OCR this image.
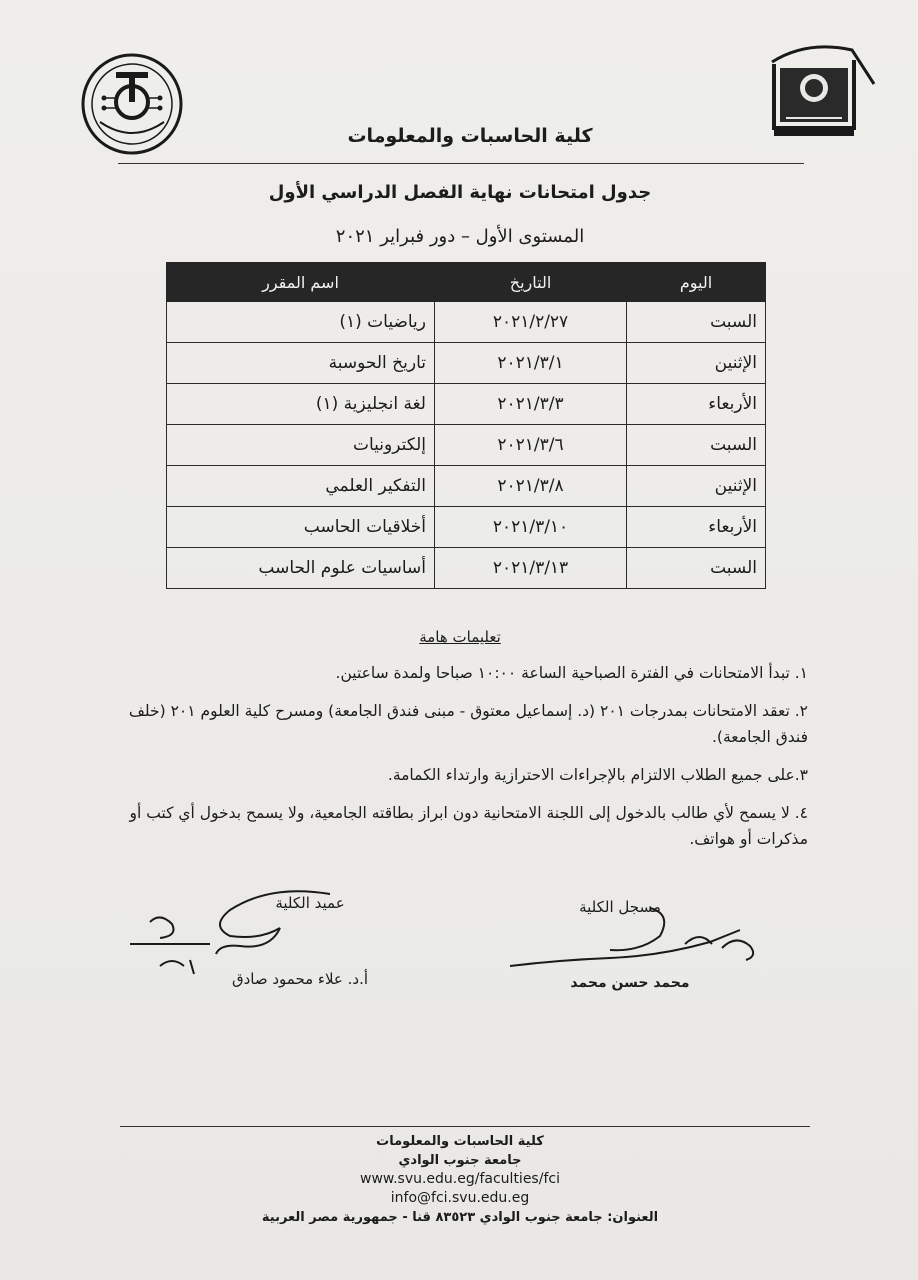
كلية الحاسبات والمعلومات
جدول امتحانات نهاية الفصل الدراسي الأول
المستوى الأول – دور فبراير ٢٠٢١
اليوم	التاريخ	اسم المقرر
السبت	٢٠٢١/٢/٢٧	رياضيات (١)
الإثنين	٢٠٢١/٣/١	تاريخ الحوسبة
الأربعاء	٢٠٢١/٣/٣	لغة انجليزية (١)
السبت	٢٠٢١/٣/٦	إلكترونيات
الإثنين	٢٠٢١/٣/٨	التفكير العلمي
الأربعاء	٢٠٢١/٣/١٠	أخلاقيات الحاسب
السبت	٢٠٢١/٣/١٣	أساسيات علوم الحاسب
تعليمات هامة
١. تبدأ الامتحانات في الفترة الصباحية الساعة ١٠:٠٠ صباحا ولمدة ساعتين.
٢. تعقد الامتحانات بمدرجات ٢٠١ (د. إسماعيل معتوق - مبنى فندق الجامعة) ومسرح كلية العلوم ٢٠١ (خلف فندق الجامعة).
٣.على جميع الطلاب الالتزام بالإجراءات الاحترازية وارتداء الكمامة.
٤. لا يسمح لأي طالب بالدخول إلى اللجنة الامتحانية دون ابراز بطاقته الجامعية، ولا يسمح بدخول أي كتب أو مذكرات أو هواتف.
مسجل الكلية
محمد حسن محمد
عميد الكلية
أ.د. علاء محمود صادق
كلية الحاسبات والمعلومات
جامعة جنوب الوادي
www.svu.edu.eg/faculties/fci
info@fci.svu.edu.eg
العنوان: جامعة جنوب الوادي ٨٣٥٢٣ قنا - جمهورية مصر العربية
